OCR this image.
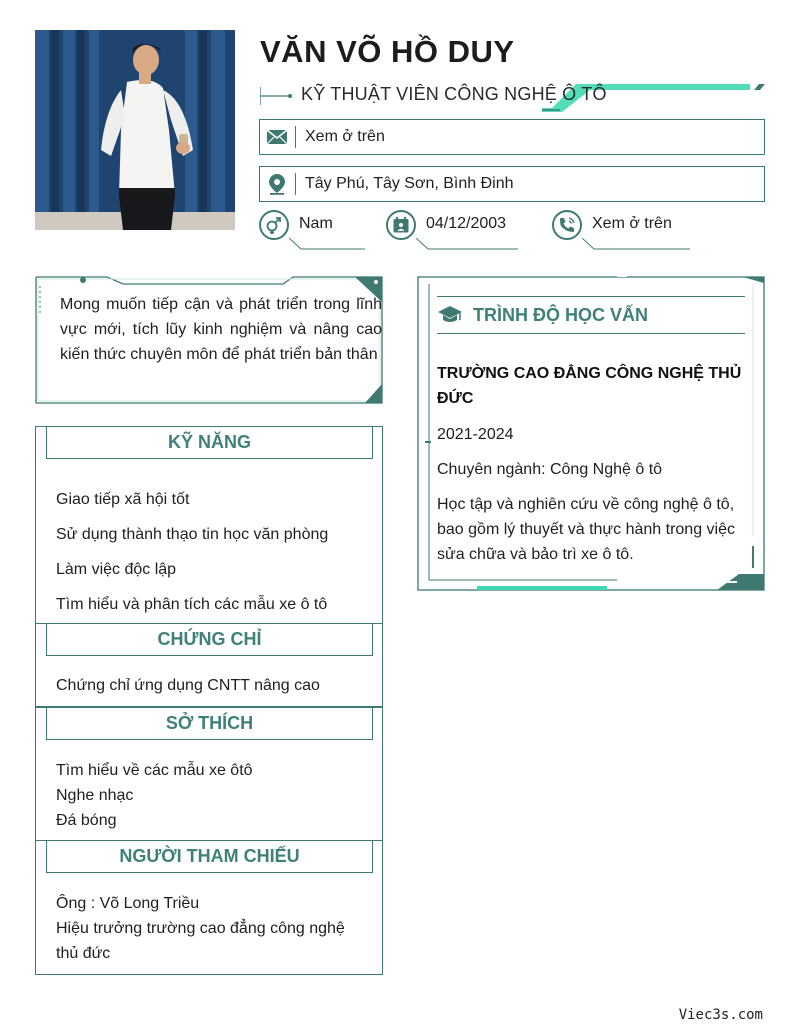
VĂN VÕ HỒ DUY
KỸ THUẬT VIÊN CÔNG NGHỆ Ô TÔ
Xem ở trên
Tây Phú, Tây Sơn, Bình Đinh
Nam	04/12/2003	Xem ở trên
Mong muốn tiếp cận và phát triển trong lĩnh vực mới, tích lũy kinh nghiệm và nâng cao kiến thức chuyên môn để phát triển bản thân
KỸ NĂNG
Giao tiếp xã hội tốt
Sử dụng thành thạo tin học văn phòng
Làm việc độc lập
Tìm hiểu và phân tích các mẫu xe ô tô
CHỨNG CHỈ
Chứng chỉ ứng dụng CNTT nâng cao
SỞ THÍCH
Tìm hiểu về các mẫu xe ôtô
Nghe nhạc
Đá bóng
NGƯỜI THAM CHIẾU
Ông : Võ Long Triều
Hiệu trưởng trường cao đẳng công nghệ thủ đức
TRÌNH ĐỘ HỌC VẤN
TRƯỜNG CAO ĐẲNG CÔNG NGHỆ THỦ ĐỨC
2021-2024
Chuyên ngành: Công Nghệ ô tô
Học tập và nghiên cứu về công nghệ ô tô, bao gồm lý thuyết và thực hành trong việc sửa chữa và bảo trì xe ô tô.
Viec3s.com
